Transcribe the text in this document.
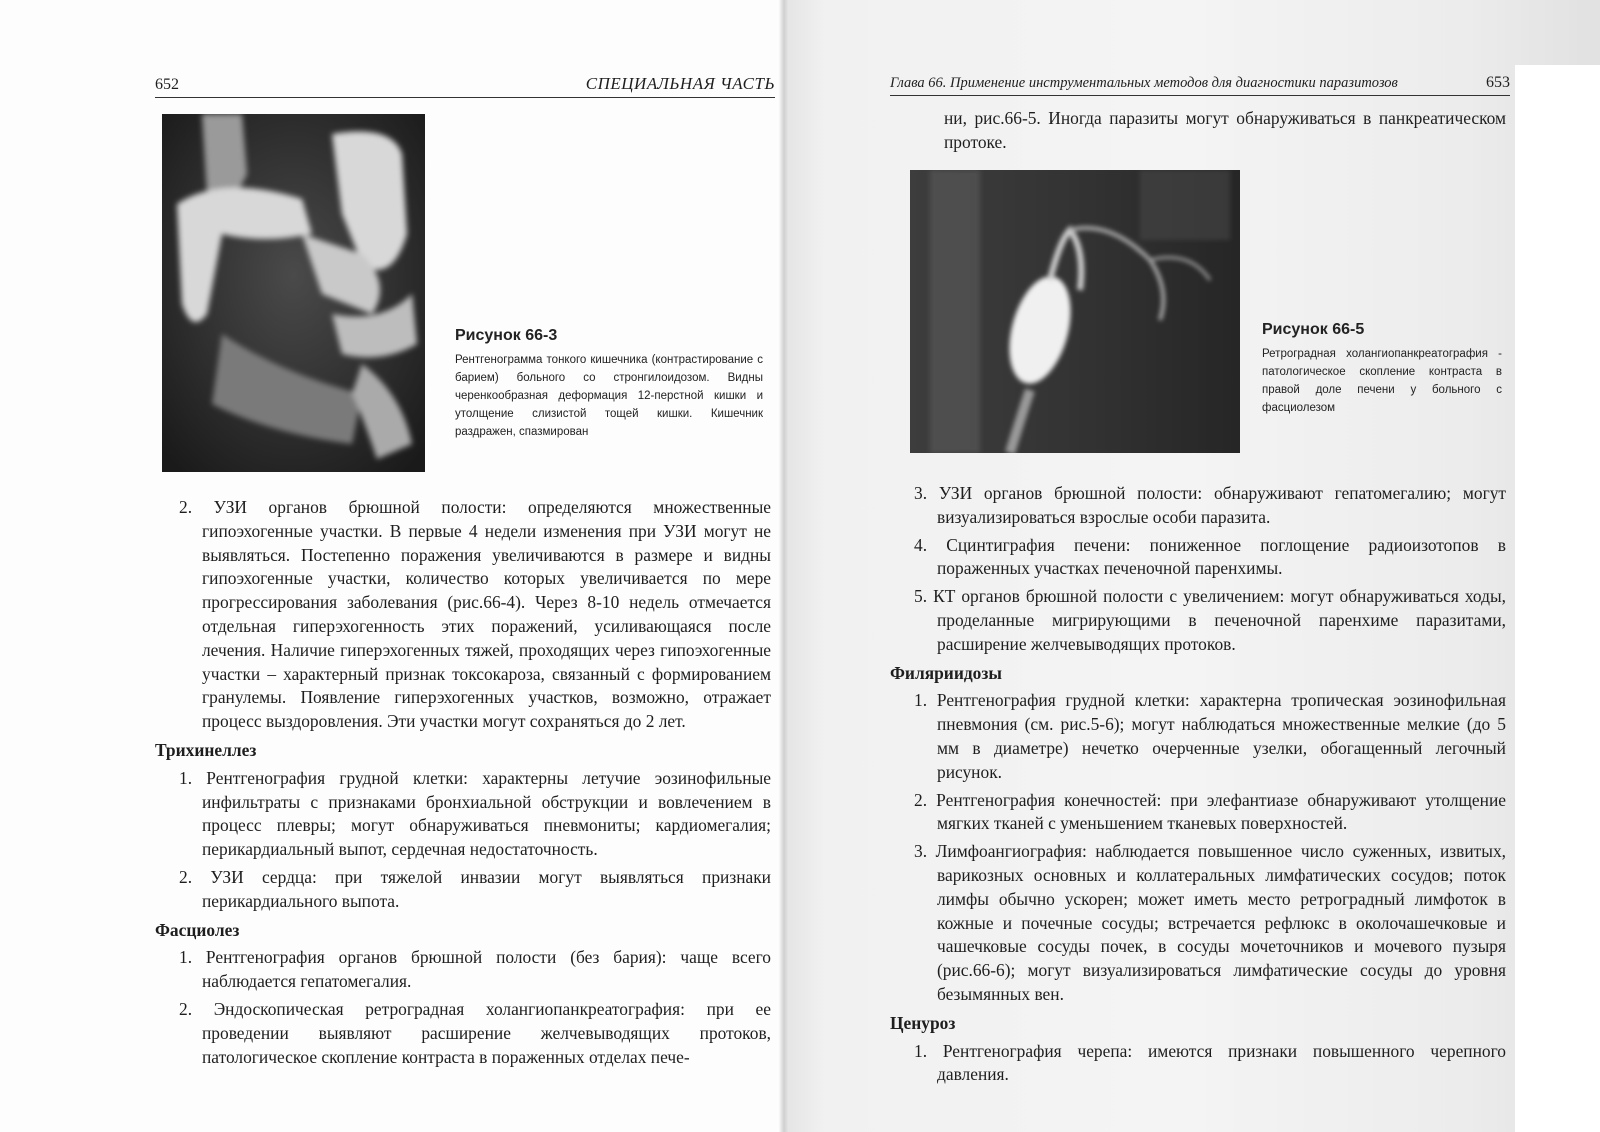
652	СПЕЦИАЛЬНАЯ ЧАСТЬ	Глава 66. Применение инструментальных методов для диагностики паразитозов	653
Рисунок 66-3
Рентгенограмма тонкого кишечника (контрастирование с барием) больного со стронгилоидозом. Видны черенкообразная деформация 12-перстной кишки и утолщение слизистой тощей кишки. Кишечник раздражен, спазмирован

2. УЗИ органов брюшной полости: определяются множественные гипоэхогенные участки. В первые 4 недели изменения при УЗИ могут не выявляться. Постепенно поражения увеличиваются в размере и видны гипоэхогенные участки, количество которых увеличивается по мере прогрессирования заболевания (рис.66-4). Через 8-10 недель отмечается отдельная гиперэхогенность этих поражений, усиливающаяся после лечения. Наличие гиперэхогенных тяжей, проходящих через гипоэхогенные участки – характерный признак токсокароза, связанный с формированием гранулемы. Появление гиперэхогенных участков, возможно, отражает процесс выздоровления. Эти участки могут сохраняться до 2 лет.

Трихинеллез

1. Рентгенография грудной клетки: характерны летучие эозинофильные инфильтраты с признаками бронхиальной обструкции и вовлечением в процесс плевры; могут обнаруживаться пневмониты; кардиомегалия; перикардиальный выпот, сердечная недостаточность.

2. УЗИ сердца: при тяжелой инвазии могут выявляться признаки перикардиального выпота.

Фасциолез

1. Рентгенография органов брюшной полости (без бария): чаще всего наблюдается гепатомегалия.

2. Эндоскопическая ретроградная холангиопанкреатография: при ее проведении выявляют расширение желчевыводящих протоков, патологическое скопление контраста в пораженных отделах пече-

ни, рис.66-5. Иногда паразиты могут обнаруживаться в панкреатическом протоке.

Рисунок 66-5
Ретроградная холангиопанкреатография - патологическое скопление контраста в правой доле печени у больного с фасциолезом

3. УЗИ органов брюшной полости: обнаруживают гепатомегалию; могут визуализироваться взрослые особи паразита.

4. Сцинтиграфия печени: пониженное поглощение радиоизотопов в пораженных участках печеночной паренхимы.

5. КТ органов брюшной полости с увеличением: могут обнаруживаться ходы, проделанные мигрирующими в печеночной паренхиме паразитами, расширение желчевыводящих протоков.

Филяриидозы

1. Рентгенография грудной клетки: характерна тропическая эозинофильная пневмония (см. рис.5-6); могут наблюдаться множественные мелкие (до 5 мм в диаметре) нечетко очерченные узелки, обогащенный легочный рисунок.

2. Рентгенография конечностей: при элефантиазе обнаруживают утолщение мягких тканей с уменьшением тканевых поверхностей.

3. Лимфоангиография: наблюдается повышенное число суженных, извитых, варикозных основных и коллатеральных лимфатических сосудов; поток лимфы обычно ускорен; может иметь место ретроградный лимфоток в кожные и почечные сосуды; встречается рефлюкс в околочашечковые и чашечковые сосуды почек, в сосуды мочеточников и мочевого пузыря (рис.66-6); могут визуализироваться лимфатические сосуды до уровня безымянных вен.

Ценуроз

1. Рентгенография черепа: имеются признаки повышенного черепного давления.
